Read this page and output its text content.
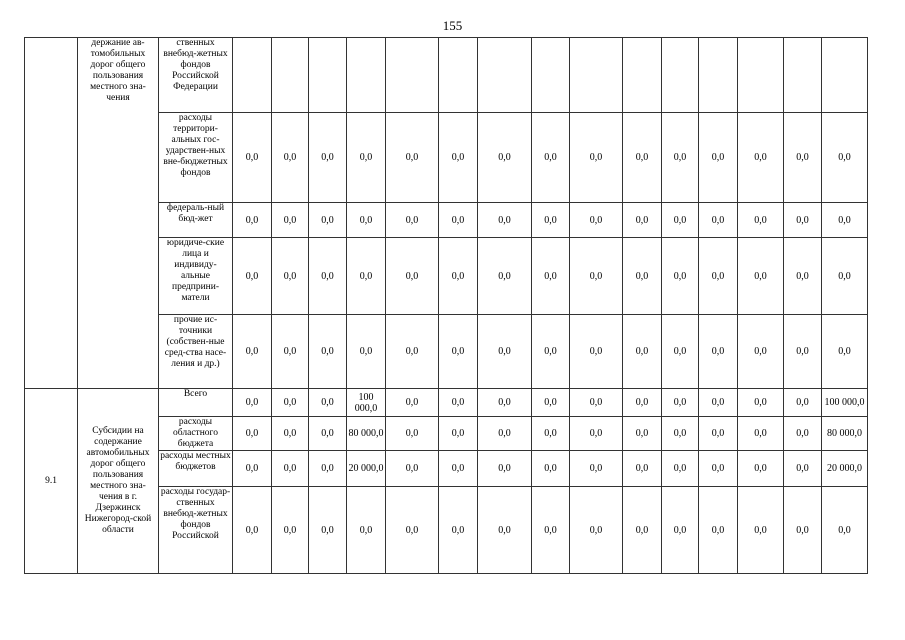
155
	держание ав-томобильных дорог общего пользования местного зна-чения	ственных внебюд-жетных фондов Российской Федерации															
		расходы территори-альных гос-ударствен-ных вне-бюджетных фондов	0,0	0,0	0,0	0,0	0,0	0,0	0,0	0,0	0,0	0,0	0,0	0,0	0,0	0,0	0,0
		федераль-ный бюд-жет	0,0	0,0	0,0	0,0	0,0	0,0	0,0	0,0	0,0	0,0	0,0	0,0	0,0	0,0	0,0
		юридиче-ские лица и индивиду-альные предприни-матели	0,0	0,0	0,0	0,0	0,0	0,0	0,0	0,0	0,0	0,0	0,0	0,0	0,0	0,0	0,0
		прочие ис-точники (собствен-ные сред-ства насе-ления и др.)	0,0	0,0	0,0	0,0	0,0	0,0	0,0	0,0	0,0	0,0	0,0	0,0	0,0	0,0	0,0
9.1	Субсидии на содержание автомобильных дорог общего пользования местного зна-чения в г. Дзержинск Нижегород-ской области	Всего	0,0	0,0	0,0	100 000,0	0,0	0,0	0,0	0,0	0,0	0,0	0,0	0,0	0,0	0,0	100 000,0
		расходы областного бюджета	0,0	0,0	0,0	80 000,0	0,0	0,0	0,0	0,0	0,0	0,0	0,0	0,0	0,0	0,0	80 000,0
		расходы местных бюджетов	0,0	0,0	0,0	20 000,0	0,0	0,0	0,0	0,0	0,0	0,0	0,0	0,0	0,0	0,0	20 000,0
		расходы государ-ственных внебюд-жетных фондов Российской	0,0	0,0	0,0	0,0	0,0	0,0	0,0	0,0	0,0	0,0	0,0	0,0	0,0	0,0	0,0
